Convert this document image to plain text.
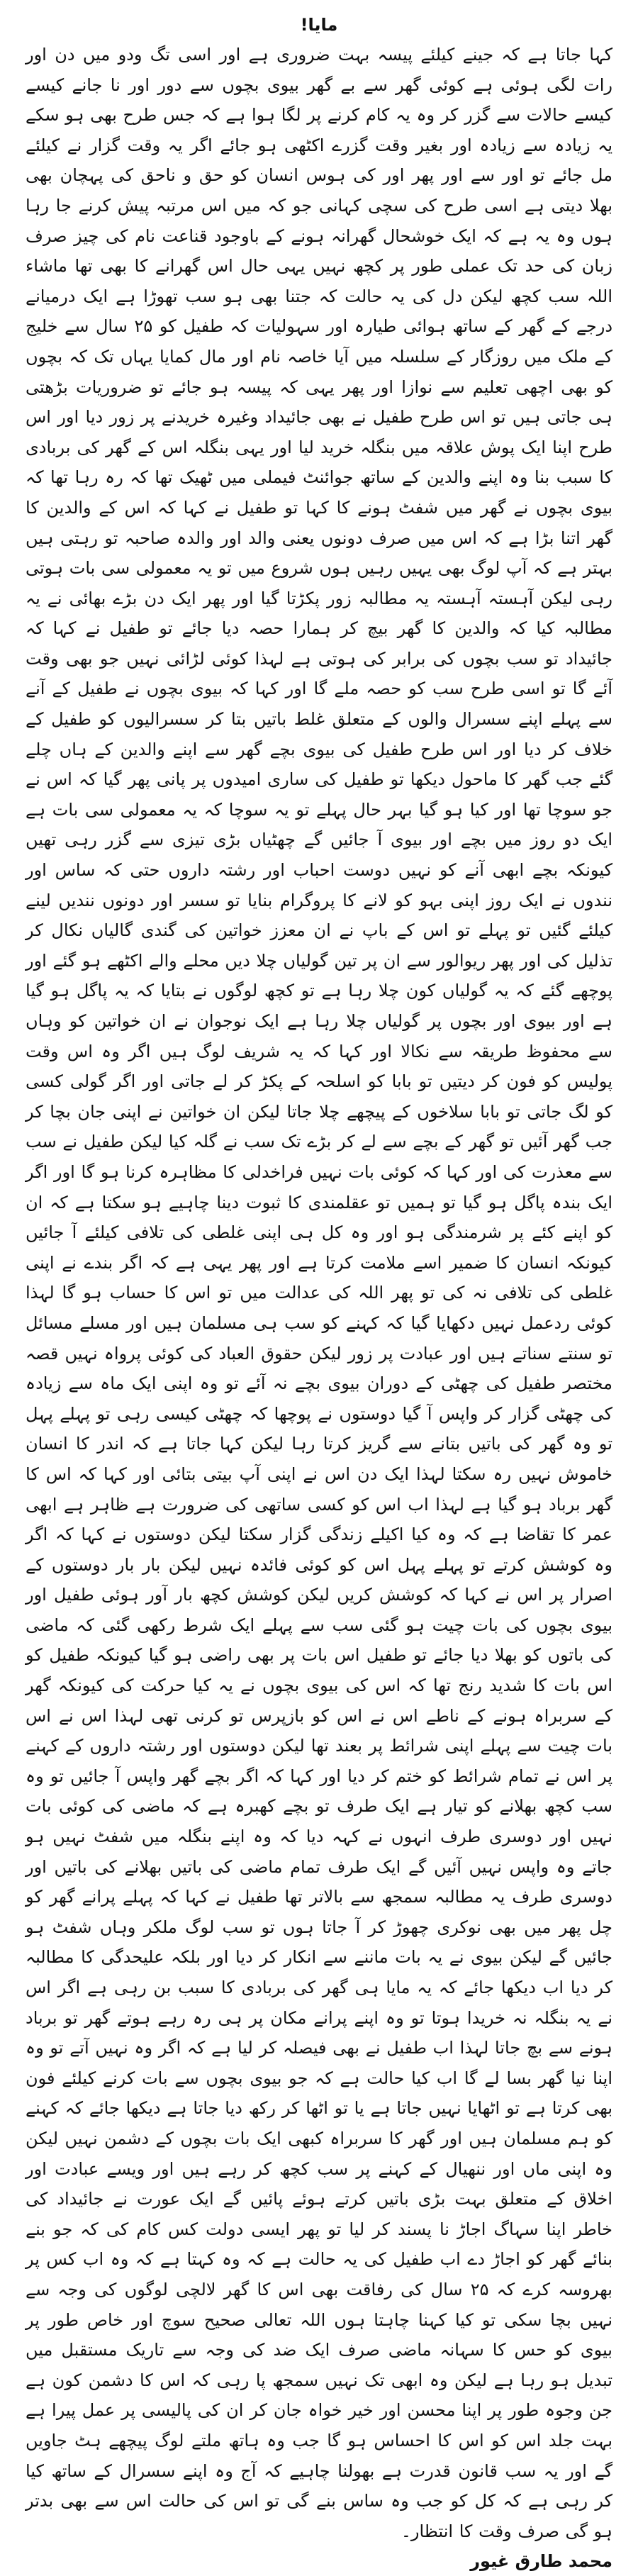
مایا!

کہا جاتا ہے کہ جینے کیلئے پیسہ بہت ضروری ہے اور اسی تگ ودو میں دن اور رات لگی ہوئی ہے کوئی گھر سے بے گھر بیوی بچوں سے دور اور نا جانے کیسے کیسے حالات سے گزر کر وہ یہ کام کرنے پر لگا ہوا ہے کہ جس طرح بھی ہو سکے یہ زیادہ سے زیادہ اور بغیر وقت گزرے اکٹھی ہو جائے اگر یہ وقت گزار نے کیلئے مل جائے تو اور سے اور پھر اور کی ہوس انسان کو حق و ناحق کی پہچان بھی بھلا دیتی ہے اسی طرح کی سچی کہانی جو کہ میں اس مرتبہ پیش کرنے جا رہا ہوں وہ یہ ہے کہ ایک خوشحال گھرانہ ہونے کے باوجود قناعت نام کی چیز صرف زبان کی حد تک عملی طور پر کچھ نہیں یہی حال اس گھرانے کا بھی تھا ماشاء اللہ سب کچھ لیکن دل کی یہ حالت کہ جتنا بھی ہو سب تھوڑا ہے ایک درمیانے درجے کے گھر کے ساتھ ہوائی طیارہ اور سہولیات کہ طفیل کو ۲۵ سال سے خلیج کے ملک میں روزگار کے سلسلہ میں آیا خاصہ نام اور مال کمایا یہاں تک کہ بچوں کو بھی اچھی تعلیم سے نوازا اور پھر یہی کہ پیسہ ہو جائے تو ضروریات بڑھتی ہی جاتی ہیں تو اس طرح طفیل نے بھی جائیداد وغیرہ خریدنے پر زور دیا اور اس طرح اپنا ایک پوش علاقہ میں بنگلہ خرید لیا اور یہی بنگلہ اس کے گھر کی بربادی کا سبب بنا وہ اپنے والدین کے ساتھ جوائنٹ فیملی میں ٹھیک تھا کہ رہ رہا تھا کہ بیوی بچوں نے گھر میں شفٹ ہونے کا کہا تو طفیل نے کہا کہ اس کے والدین کا گھر اتنا بڑا ہے کہ اس میں صرف دونوں یعنی والد اور والدہ صاحبہ تو رہتی ہیں بہتر ہے کہ آپ لوگ بھی یہیں رہیں ہوں شروع میں تو یہ معمولی سی بات ہوتی رہی لیکن آہستہ آہستہ یہ مطالبہ زور پکڑتا گیا اور پھر ایک دن بڑے بھائی نے یہ مطالبہ کیا کہ والدین کا گھر بیچ کر ہمارا حصہ دیا جائے تو طفیل نے کہا کہ جائیداد تو سب بچوں کی برابر کی ہوتی ہے لہذا کوئی لڑائی نہیں جو بھی وقت آئے گا تو اسی طرح سب کو حصہ ملے گا اور کہا کہ بیوی بچوں نے طفیل کے آنے سے پہلے اپنے سسرال والوں کے متعلق غلط باتیں بتا کر سسرالیوں کو طفیل کے خلاف کر دیا اور اس طرح طفیل کی بیوی بچے گھر سے اپنے والدین کے ہاں چلے گئے جب گھر کا ماحول دیکھا تو طفیل کی ساری امیدوں پر پانی پھر گیا کہ اس نے جو سوچا تھا اور کیا ہو گیا بہر حال پہلے تو یہ سوچا کہ یہ معمولی سی بات ہے ایک دو روز میں بچے اور بیوی آ جائیں گے چھٹیاں بڑی تیزی سے گزر رہی تھیں کیونکہ بچے ابھی آنے کو نہیں دوست احباب اور رشتہ داروں حتی کہ ساس اور نندوں نے ایک روز اپنی بہو کو لانے کا پروگرام بنایا تو سسر اور دونوں نندیں لینے کیلئے گئیں تو پہلے تو اس کے باپ نے ان معزز خواتین کی گندی گالیاں نکال کر تذلیل کی اور پھر ریوالور سے ان پر تین گولیاں چلا دیں محلے والے اکٹھے ہو گئے اور پوچھے گئے کہ یہ گولیاں کون چلا رہا ہے تو کچھ لوگوں نے بتایا کہ یہ پاگل ہو گیا ہے اور بیوی اور بچوں پر گولیاں چلا رہا ہے ایک نوجوان نے ان خواتین کو وہاں سے محفوظ طریقہ سے نکالا اور کہا کہ یہ شریف لوگ ہیں اگر وہ اس وقت پولیس کو فون کر دیتیں تو بابا کو اسلحہ کے پکڑ کر لے جاتی اور اگر گولی کسی کو لگ جاتی تو بابا سلاخوں کے پیچھے چلا جاتا لیکن ان خواتین نے اپنی جان بچا کر جب گھر آئیں تو گھر کے بچے سے لے کر بڑے تک سب نے گلہ کیا لیکن طفیل نے سب سے معذرت کی اور کہا کہ کوئی بات نہیں فراخدلی کا مظاہرہ کرنا ہو گا اور اگر ایک بندہ پاگل ہو گیا تو ہمیں تو عقلمندی کا ثبوت دینا چاہیے ہو سکتا ہے کہ ان کو اپنے کئے پر شرمندگی ہو اور وہ کل ہی اپنی غلطی کی تلافی کیلئے آ جائیں کیونکہ انسان کا ضمیر اسے ملامت کرتا ہے اور پھر یہی ہے کہ اگر بندے نے اپنی غلطی کی تلافی نہ کی تو پھر اللہ کی عدالت میں تو اس کا حساب ہو گا لہذا کوئی ردعمل نہیں دکھایا گیا کہ کہنے کو سب ہی مسلمان ہیں اور مسلے مسائل تو سنتے سناتے ہیں اور عبادت پر زور لیکن حقوق العباد کی کوئی پرواہ نہیں قصہ مختصر طفیل کی چھٹی کے دوران بیوی بچے نہ آئے تو وہ اپنی ایک ماہ سے زیادہ کی چھٹی گزار کر واپس آ گیا دوستوں نے پوچھا کہ چھٹی کیسی رہی تو پہلے پہل تو وہ گھر کی باتیں بتانے سے گریز کرتا رہا لیکن کہا جاتا ہے کہ اندر کا انسان خاموش نہیں رہ سکتا لہذا ایک دن اس نے اپنی آپ بیتی بتائی اور کہا کہ اس کا گھر برباد ہو گیا ہے لہذا اب اس کو کسی ساتھی کی ضرورت ہے ظاہر ہے ابھی عمر کا تقاضا ہے کہ وہ کیا اکیلے زندگی گزار سکتا لیکن دوستوں نے کہا کہ اگر وہ کوشش کرتے تو پہلے پہل اس کو کوئی فائدہ نہیں لیکن بار بار دوستوں کے اصرار پر اس نے کہا کہ کوشش کریں لیکن کوشش کچھ بار آور ہوئی طفیل اور بیوی بچوں کی بات چیت ہو گئی سب سے پہلے ایک شرط رکھی گئی کہ ماضی کی باتوں کو بھلا دیا جائے تو طفیل اس بات پر بھی راضی ہو گیا کیونکہ طفیل کو اس بات کا شدید رنج تھا کہ اس کی بیوی بچوں نے یہ کیا حرکت کی کیونکہ گھر کے سربراہ ہونے کے ناطے اس نے اس کو بازپرس تو کرنی تھی لہذا اس نے اس بات چیت سے پہلے اپنی شرائط پر بعند تھا لیکن دوستوں اور رشتہ داروں کے کہنے پر اس نے تمام شرائط کو ختم کر دیا اور کہا کہ اگر بچے گھر واپس آ جائیں تو وہ سب کچھ بھلانے کو تیار ہے ایک طرف تو بچے کھبرہ ہے کہ ماضی کی کوئی بات نہیں اور دوسری طرف انہوں نے کہہ دیا کہ وہ اپنے بنگلہ میں شفٹ نہیں ہو جاتے وہ واپس نہیں آئیں گے ایک طرف تمام ماضی کی باتیں بھلانے کی باتیں اور دوسری طرف یہ مطالبہ سمجھ سے بالاتر تھا طفیل نے کہا کہ پہلے پرانے گھر کو چل پھر میں بھی نوکری چھوڑ کر آ جاتا ہوں تو سب لوگ ملکر وہاں شفٹ ہو جائیں گے لیکن بیوی نے یہ بات ماننے سے انکار کر دیا اور بلکہ علیحدگی کا مطالبہ کر دیا اب دیکھا جائے کہ یہ مایا ہی گھر کی بربادی کا سبب بن رہی ہے اگر اس نے یہ بنگلہ نہ خریدا ہوتا تو وہ اپنے پرانے مکان پر ہی رہ رہے ہوتے گھر تو برباد ہونے سے بچ جاتا لہذا اب طفیل نے بھی فیصلہ کر لیا ہے کہ اگر وہ نہیں آتے تو وہ اپنا نیا گھر بسا لے گا اب کیا حالت ہے کہ جو بیوی بچوں سے بات کرنے کیلئے فون بھی کرتا ہے تو اٹھایا نہیں جاتا ہے یا تو اٹھا کر رکھ دیا جاتا ہے دیکھا جائے کہ کہنے کو ہم مسلمان ہیں اور گھر کا سربراہ کبھی ایک بات بچوں کے دشمن نہیں لیکن وہ اپنی ماں اور ننھیال کے کہنے پر سب کچھ کر رہے ہیں اور ویسے عبادت اور اخلاق کے متعلق بہت بڑی باتیں کرتے ہوئے پائیں گے ایک عورت نے جائیداد کی خاطر اپنا سہاگ اجاڑ نا پسند کر لیا تو پھر ایسی دولت کس کام کی کہ جو بنے بنائے گھر کو اجاڑ دے اب طفیل کی یہ حالت ہے کہ وہ کہتا ہے کہ وہ اب کس پر بھروسہ کرے کہ ۲۵ سال کی رفاقت بھی اس کا گھر لالچی لوگوں کی وجہ سے نہیں بچا سکی تو کیا کہنا چاہتا ہوں اللہ تعالی صحیح سوچ اور خاص طور پر بیوی کو حس کا سہانہ ماضی صرف ایک ضد کی وجہ سے تاریک مستقبل میں تبدیل ہو رہا ہے لیکن وہ ابھی تک نہیں سمجھ پا رہی کہ اس کا دشمن کون ہے جن وجوہ طور پر اپنا محسن اور خیر خواہ جان کر ان کی پالیسی پر عمل پیرا ہے بہت جلد اس کو اس کا احساس ہو گا جب وہ ہاتھ ملتے لوگ پیچھے ہٹ جاویں گے اور یہ سب قانون قدرت ہے بھولنا چاہیے کہ آج وہ اپنے سسرال کے ساتھ کیا کر رہی ہے کہ کل کو جب وہ ساس بنے گی تو اس کی حالت اس سے بھی بدتر ہو گی صرف وقت کا انتظار۔

محمد طارق غیور
